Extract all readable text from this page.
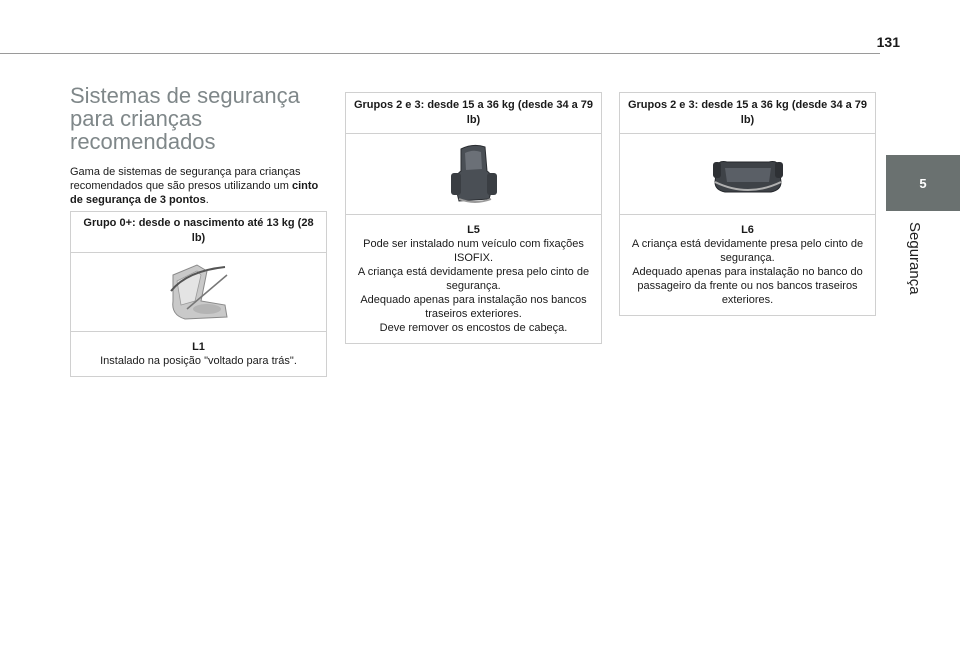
131
5
Segurança
Sistemas de segurança para crianças recomendados
Gama de sistemas de segurança para crianças recomendados que são presos utilizando um cinto de segurança de 3 pontos.
Grupo 0+: desde o nascimento até 13 kg (28 lb)
L1
Instalado na posição "voltado para trás".
Grupos 2 e 3: desde 15 a 36 kg (desde 34 a 79 lb)
L5
Pode ser instalado num veículo com fixações ISOFIX.
A criança está devidamente presa pelo cinto de segurança.
Adequado apenas para instalação nos bancos traseiros exteriores.
Deve remover os encostos de cabeça.
Grupos 2 e 3: desde 15 a 36 kg (desde 34 a 79 lb)
L6
A criança está devidamente presa pelo cinto de segurança.
Adequado apenas para instalação no banco do passageiro da frente ou nos bancos traseiros exteriores.
